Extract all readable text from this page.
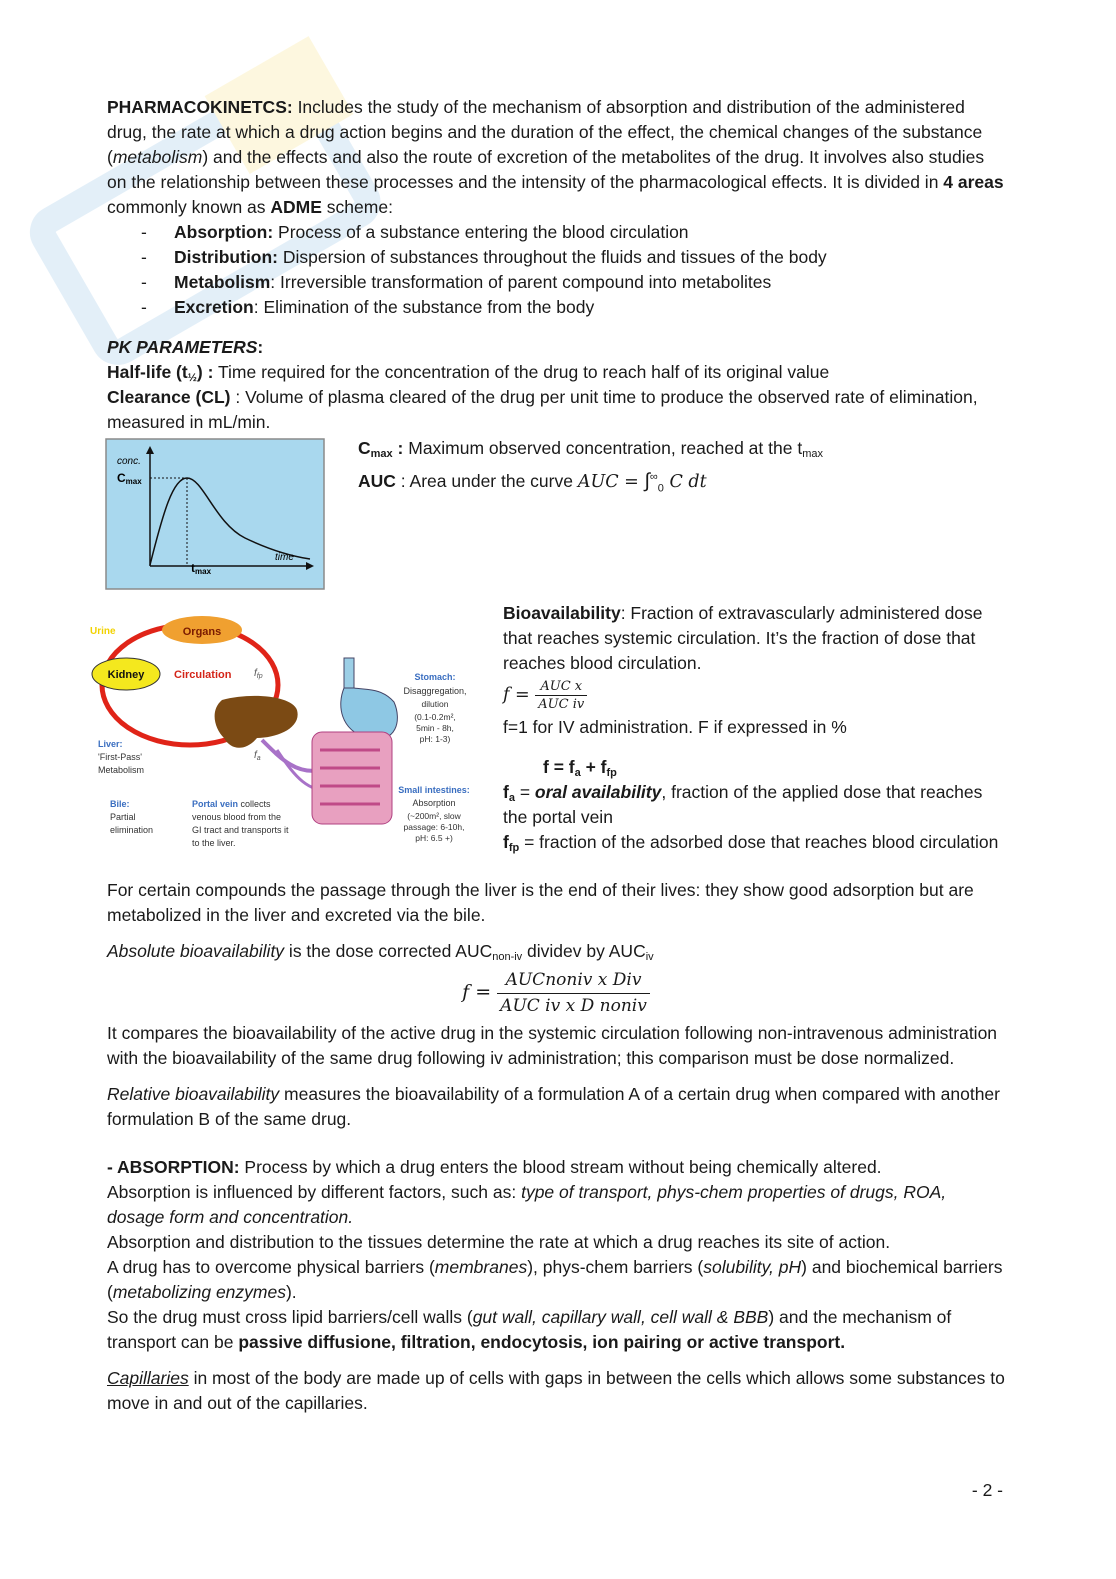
PHARMACOKINETCS: Includes the study of the mechanism of absorption and distribution of the administered drug, the rate at which a drug action begins and the duration of the effect, the chemical changes of the substance (metabolism) and the effects and also the route of excretion of the metabolites of the drug. It involves also studies on the relationship between these processes and the intensity of the pharmacological effects. It is divided in 4 areas commonly known as ADME scheme:

- Absorption: Process of a substance entering the blood circulation
- Distribution: Dispersion of substances throughout the fluids and tissues of the body
- Metabolism: Irreversible transformation of parent compound into metabolites
- Excretion: Elimination of the substance from the body

PK PARAMETERS:

Half-life $(t_{\frac{1}{2}})$ : Time required for the concentration of the drug to reach half of its original value

Clearance (CL) : Volume of plasma cleared of the drug per unit time to produce the observed rate of elimination, measured in mL/min.

conc.
Cmax
time
tmax

$C_{max}$ : Maximum observed concentration, reached at the $t_{max}$

AUC : Area under the curve AUC = $\int^\infty_0$ C dt

Organs
Kidney
Urine
Circulation $f_{fp}$
$f_a$
Liver:
'First-Pass'
Metabolism
Bile:
Partial
elimination
Portal vein collects
venous blood from the
GI tract and transports it
to the liver.
Stomach:
Disaggregation,
dilution
(0.1-0.2m²,
5min - 8h,
pH: 1-3)
Small intestines:
Absorption
(~200m², slow
passage: 6-10h,
pH: 6.5 +)

Bioavailability: Fraction of extravascularly administered dose that reaches systemic circulation. It’s the fraction of dose that reaches blood circulation.

$f = \frac{\text{AUC x}}{\text{AUC iv}}$

f=1 for IV administration. F if expressed in %

$f = f_a + f_{fp}$

$f_a$ = oral availability, fraction of the applied dose that reaches the portal vein

$f_{fp}$ = fraction of the adsorbed dose that reaches blood circulation

For certain compounds the passage through the liver is the end of their lives: they show good adsorption but are metabolized in the liver and excreted via the bile.

Absolute bioavailability is the dose corrected $AUC_{non-iv}$ dividev by $AUC_{iv}$

$f = \frac{\text{AUCnoniv x Div}}{\text{AUC iv x D noniv}}$

It compares the bioavailability of the active drug in the systemic circulation following non-intravenous administration with the bioavailability of the same drug following iv administration; this comparison must be dose normalized.

Relative bioavailability measures the bioavailability of a formulation A of a certain drug when compared with another formulation B of the same drug.

- ABSORPTION: Process by which a drug enters the blood stream without being chemically altered.

Absorption is influenced by different factors, such as: type of transport, phys-chem properties of drugs, ROA, dosage form and concentration.

Absorption and distribution to the tissues determine the rate at which a drug reaches its site of action.

A drug has to overcome physical barriers (membranes), phys-chem barriers (solubility, pH) and biochemical barriers (metabolizing enzymes).

So the drug must cross lipid barriers/cell walls (gut wall, capillary wall, cell wall & BBB) and the mechanism of transport can be passive diffusione, filtration, endocytosis, ion pairing or active transport.

Capillaries in most of the body are made up of cells with gaps in between the cells which allows some substances to move in and out of the capillaries.

- 2 -
